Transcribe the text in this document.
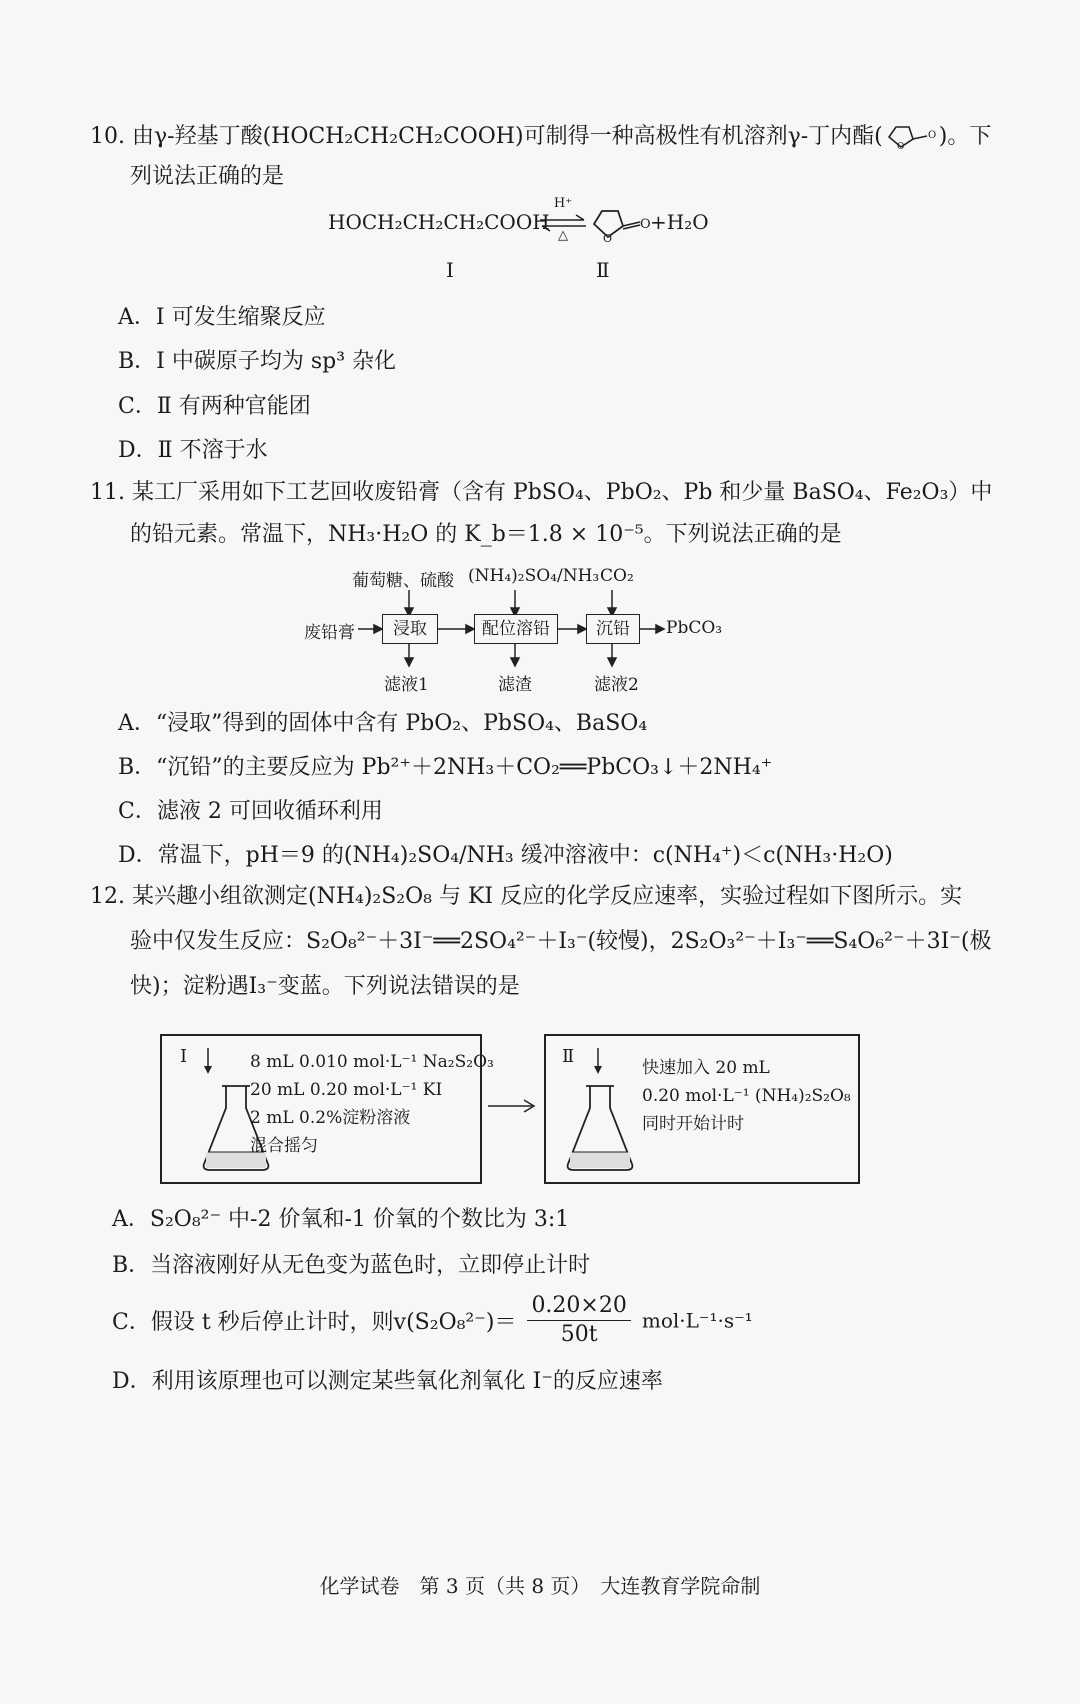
10. 由γ-羟基丁酸(HOCH₂CH₂CH₂COOH)可制得一种高极性有机溶剂γ-丁内酯(	O
O )。下
列说法正确的是
HOCH₂CH₂CH₂COOH
H⁺
△
O
O
+H₂O
Ⅰ	Ⅱ
A．Ⅰ 可发生缩聚反应
B．Ⅰ 中碳原子均为 sp³ 杂化
C．Ⅱ 有两种官能团
D．Ⅱ 不溶于水
11. 某工厂采用如下工艺回收废铅膏（含有 PbSO₄、PbO₂、Pb 和少量 BaSO₄、Fe₂O₃）中
的铅元素。常温下，NH₃·H₂O 的 K_b＝1.8 × 10⁻⁵。下列说法正确的是
葡萄糖、硫酸 (NH₄)₂SO₄/NH₃ CO₂
废铅膏	浸取	配位溶铅	沉铅	PbCO₃
滤液1	滤渣	滤液2
A．“浸取”得到的固体中含有 PbO₂、PbSO₄、BaSO₄
B．“沉铅”的主要反应为 Pb²⁺＋2NH₃＋CO₂══PbCO₃↓＋2NH₄⁺
C．滤液 2 可回收循环利用
D．常温下，pH＝9 的(NH₄)₂SO₄/NH₃ 缓冲溶液中：c(NH₄⁺)＜c(NH₃·H₂O)
12. 某兴趣小组欲测定(NH₄)₂S₂O₈ 与 KI 反应的化学反应速率，实验过程如下图所示。实
验中仅发生反应：S₂O₈²⁻＋3I⁻══2SO₄²⁻＋I₃⁻(较慢)，2S₂O₃²⁻＋I₃⁻══S₄O₆²⁻＋3I⁻(极
快)；淀粉遇I₃⁻变蓝。下列说法错误的是
Ⅰ	8 mL 0.010 mol·L⁻¹ Na₂S₂O₃
20 mL 0.20 mol·L⁻¹ KI
2 mL 0.2%淀粉溶液
混合摇匀
Ⅱ
快速加入 20 mL
0.20 mol·L⁻¹ (NH₄)₂S₂O₈
同时开始计时
A．S₂O₈²⁻ 中-2 价氧和-1 价氧的个数比为 3:1
B．当溶液刚好从无色变为蓝色时，立即停止计时
C．假设 t 秒后停止计时，则$v(S_2O_8^{2-})= \frac{0.20\times 20}{50t} mol\cdot L^{-1}\cdot s^{-1}$
D．利用该原理也可以测定某些氧化剂氧化 I⁻的反应速率
化学试卷　第 3 页（共 8 页）　大连教育学院命制
